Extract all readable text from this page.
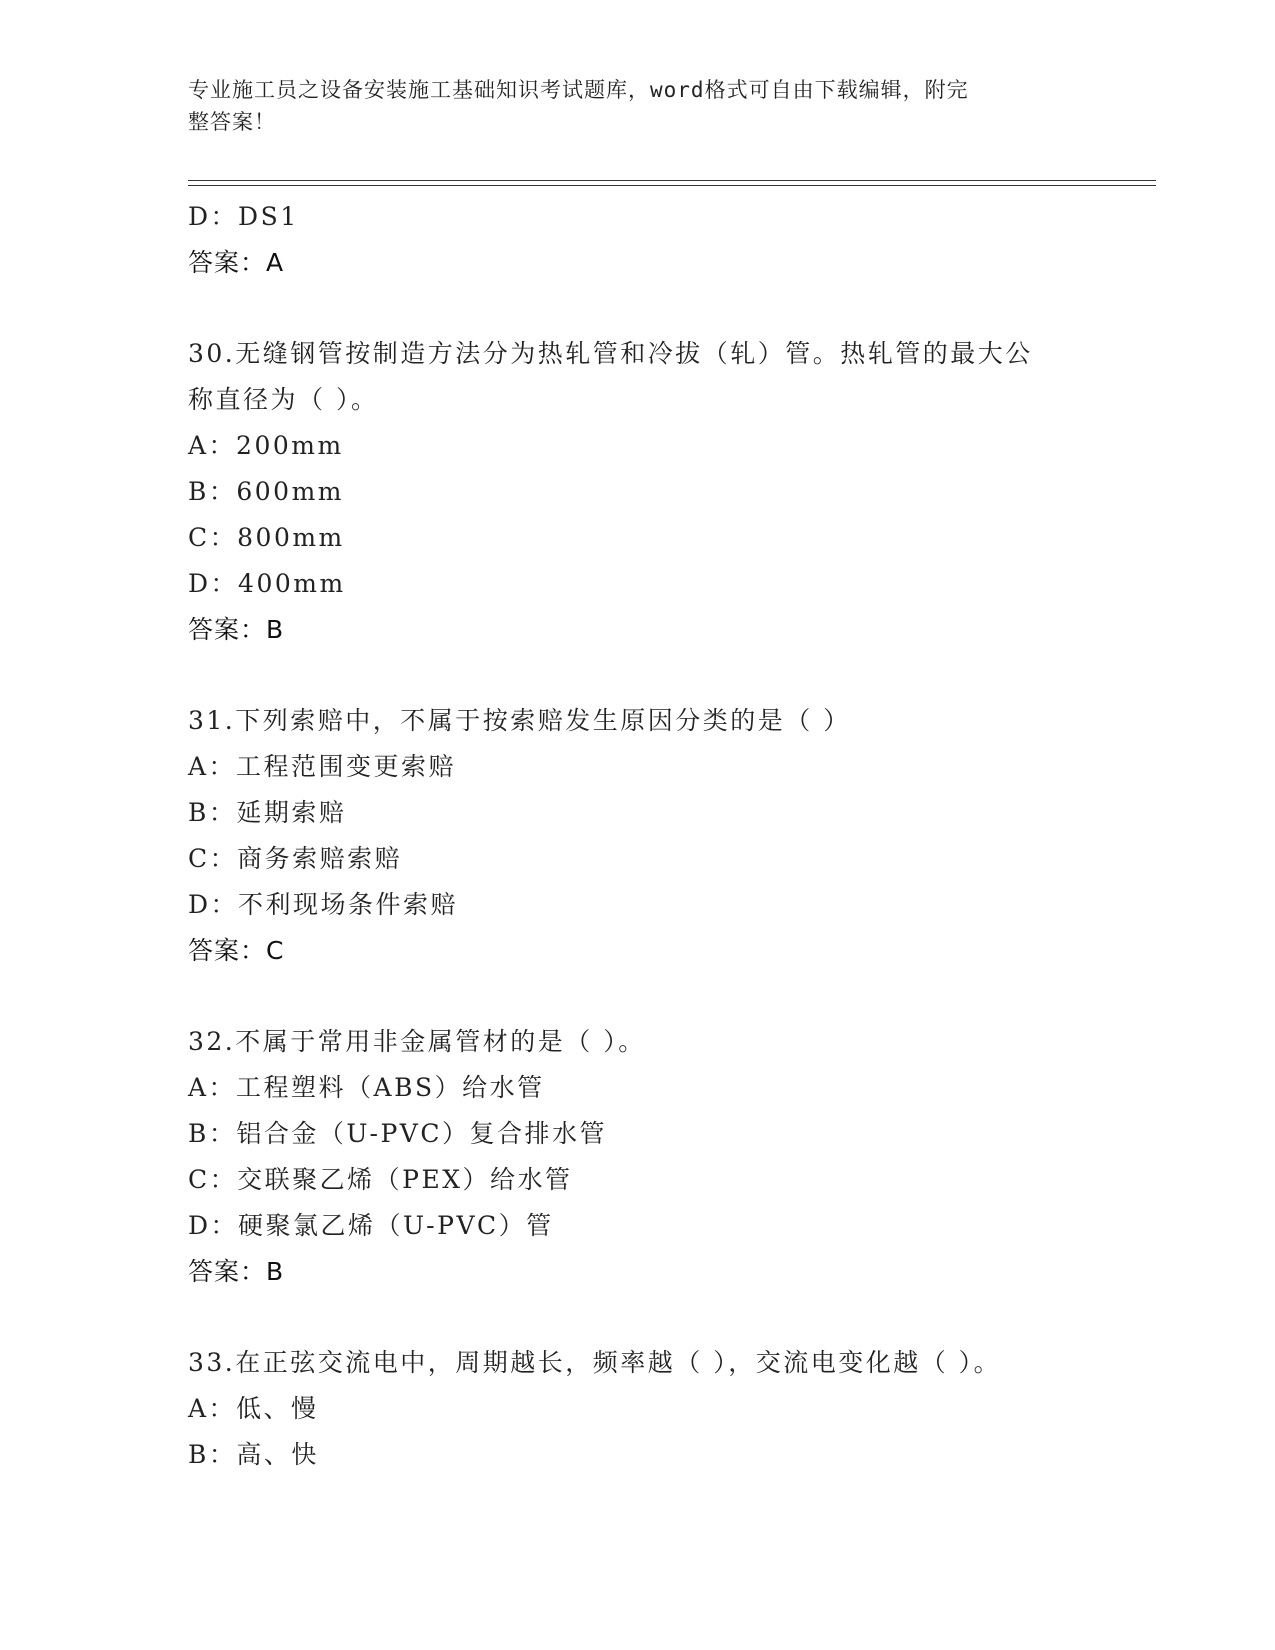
专业施工员之设备安装施工基础知识考试题库，word格式可自由下载编辑，附完
整答案！
D：DS1
答案：A
30.无缝钢管按制造方法分为热轧管和冷拔（轧）管。热轧管的最大公
称直径为（ ）。
A：200mm
B：600mm
C：800mm
D：400mm
答案：B
31.下列索赔中，不属于按索赔发生原因分类的是（ ）
A：工程范围变更索赔
B：延期索赔
C：商务索赔索赔
D：不利现场条件索赔
答案：C
32.不属于常用非金属管材的是（ ）。
A：工程塑料（ABS）给水管
B：铝合金（U-PVC）复合排水管
C：交联聚乙烯（PEX）给水管
D：硬聚氯乙烯（U-PVC）管
答案：B
33.在正弦交流电中，周期越长，频率越（ ），交流电变化越（ ）。
A：低、慢
B：高、快
